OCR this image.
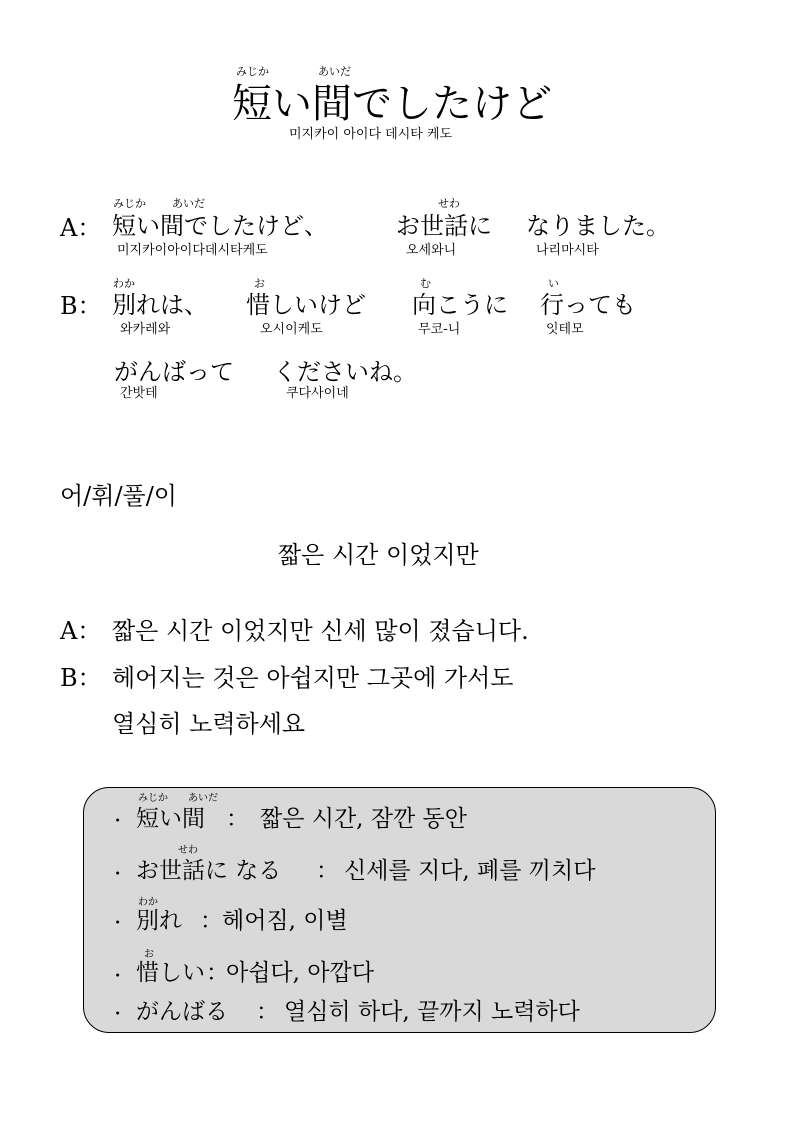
みじか	あいだ
短い間でしたけど
미지카이 아이다 데시타 케도
A：
みじか あいだ
短い間でしたけど、
미지카이아이다데시타케도
せわ
お世話に
오세와니
なりました。
나리마시타
B：
わか
別れは、
와카레와
お
惜しいけど
오시이케도
む
向こうに
무코-니
い
行っても
잇테모
がんばって
간밧테
くださいね。
쿠다사이네
어/휘/풀/이
짧은 시간 이었지만
A： 짧은 시간 이었지만 신세 많이 졌습니다.
B： 헤어지는 것은 아쉽지만 그곳에 가서도
열심히 노력하세요
·
みじか あいだ
短い間 ： 짧은 시간, 잠깐 동안
·
せわ
お世話に なる ： 신세를 지다, 폐를 끼치다
·
わか
別れ ： 헤어짐, 이별
·
お
惜しい ：
아쉽다, 아깝다
· がんばる ： 열심히 하다, 끝까지 노력하다
